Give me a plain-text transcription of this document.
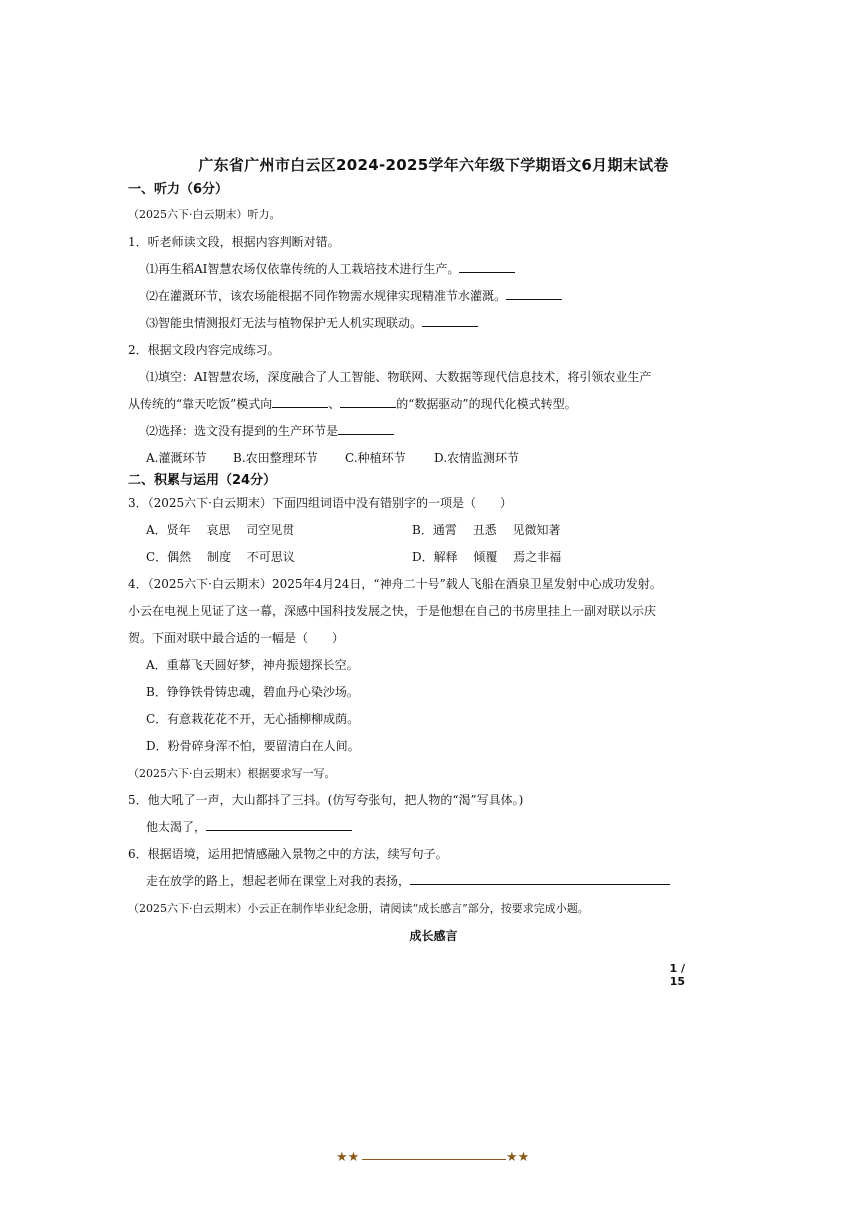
广东省广州市白云区2024-2025学年六年级下学期语文6月期末试卷
一、听力（6分）
（2025六下·白云期末）听力。
1．听老师读文段，根据内容判断对错。
⑴再生稻AI智慧农场仅依靠传统的人工栽培技术进行生产。
⑵在灌溉环节，该农场能根据不同作物需水规律实现精准节水灌溉。
⑶智能虫情测报灯无法与植物保护无人机实现联动。
2．根据文段内容完成练习。
⑴填空：AI智慧农场，深度融合了人工智能、物联网、大数据等现代信息技术，将引领农业生产
从传统的“靠天吃饭”模式向	、	的“数据驱动”的现代化模式转型。
⑵选择：选文没有提到的生产环节是
A.灌溉环节 B.农田整理环节 C.种植环节 D.农情监测环节
二、积累与运用（24分）
3．（2025六下·白云期末）下面四组词语中没有错别字的一项是（　　）
A．贤年　 哀思　 司空见贯	B．通霄　 丑悉　 见微知著
C．偶然　 制度　 不可思议	D．解释　 倾覆　 焉之非福
4．（2025六下·白云期末）2025年4月24日，“神舟二十号”载人飞船在酒泉卫星发射中心成功发射。
小云在电视上见证了这一幕，深感中国科技发展之快，于是他想在自己的书房里挂上一副对联以示庆
贺。下面对联中最合适的一幅是（　　）
A．重幕飞天圆好梦，神舟振翅探长空。
B．铮铮铁骨铸忠魂，碧血丹心染沙场。
C．有意栽花花不开，无心插柳柳成荫。
D．粉骨碎身浑不怕，要留清白在人间。
（2025六下·白云期末）根据要求写一写。
5．他大吼了一声，大山都抖了三抖。(仿写夸张句，把人物的“渴”写具体。)
他太渴了，
6．根据语境，运用把情感融入景物之中的方法，续写句子。
走在放学的路上，想起老师在课堂上对我的表扬，
（2025六下·白云期末）小云正在制作毕业纪念册，请阅读“成长感言”部分，按要求完成小题。
成长感言
1 / 15
★★	★★
